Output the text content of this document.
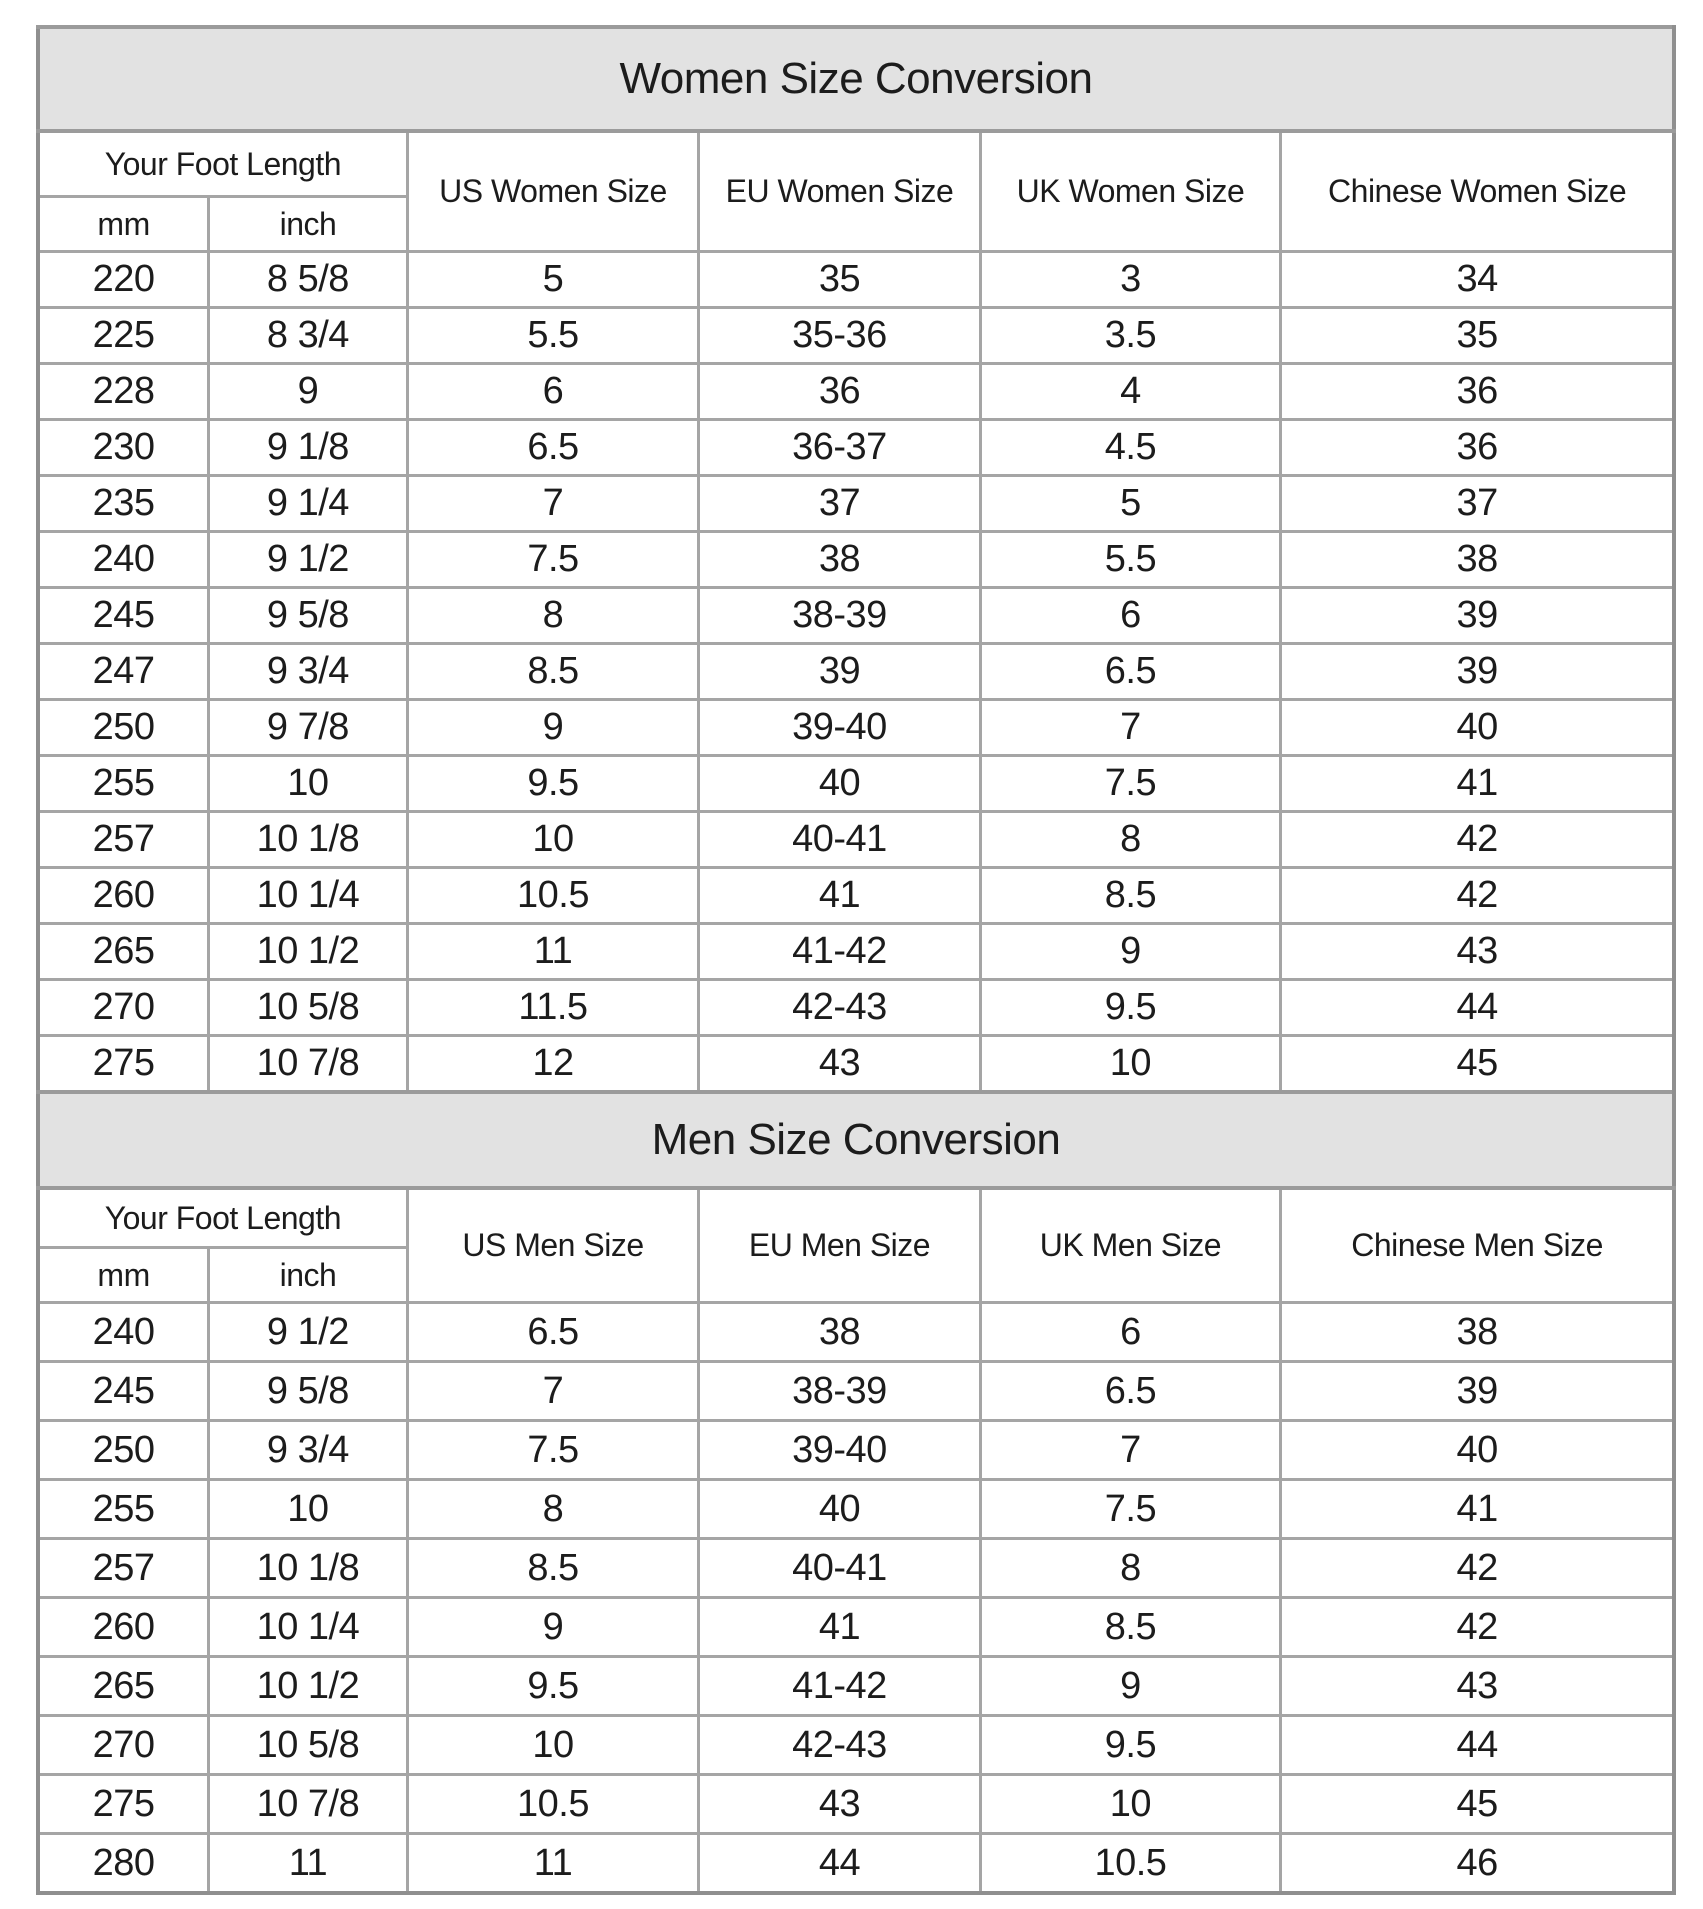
Women Size Conversion					
Your Foot Length		US Women Size	EU Women Size	UK Women Size	Chinese Women Size
mm	inch				
220	8 5/8	5	35	3	34
225	8 3/4	5.5	35-36	3.5	35
228	9	6	36	4	36
230	9 1/8	6.5	36-37	4.5	36
235	9 1/4	7	37	5	37
240	9 1/2	7.5	38	5.5	38
245	9 5/8	8	38-39	6	39
247	9 3/4	8.5	39	6.5	39
250	9 7/8	9	39-40	7	40
255	10	9.5	40	7.5	41
257	10 1/8	10	40-41	8	42
260	10 1/4	10.5	41	8.5	42
265	10 1/2	11	41-42	9	43
270	10 5/8	11.5	42-43	9.5	44
275	10 7/8	12	43	10	45
Men Size Conversion					
Your Foot Length		US Men Size	EU Men Size	UK Men Size	Chinese Men Size
mm	inch				
240	9 1/2	6.5	38	6	38
245	9 5/8	7	38-39	6.5	39
250	9 3/4	7.5	39-40	7	40
255	10	8	40	7.5	41
257	10 1/8	8.5	40-41	8	42
260	10 1/4	9	41	8.5	42
265	10 1/2	9.5	41-42	9	43
270	10 5/8	10	42-43	9.5	44
275	10 7/8	10.5	43	10	45
280	11	11	44	10.5	46
